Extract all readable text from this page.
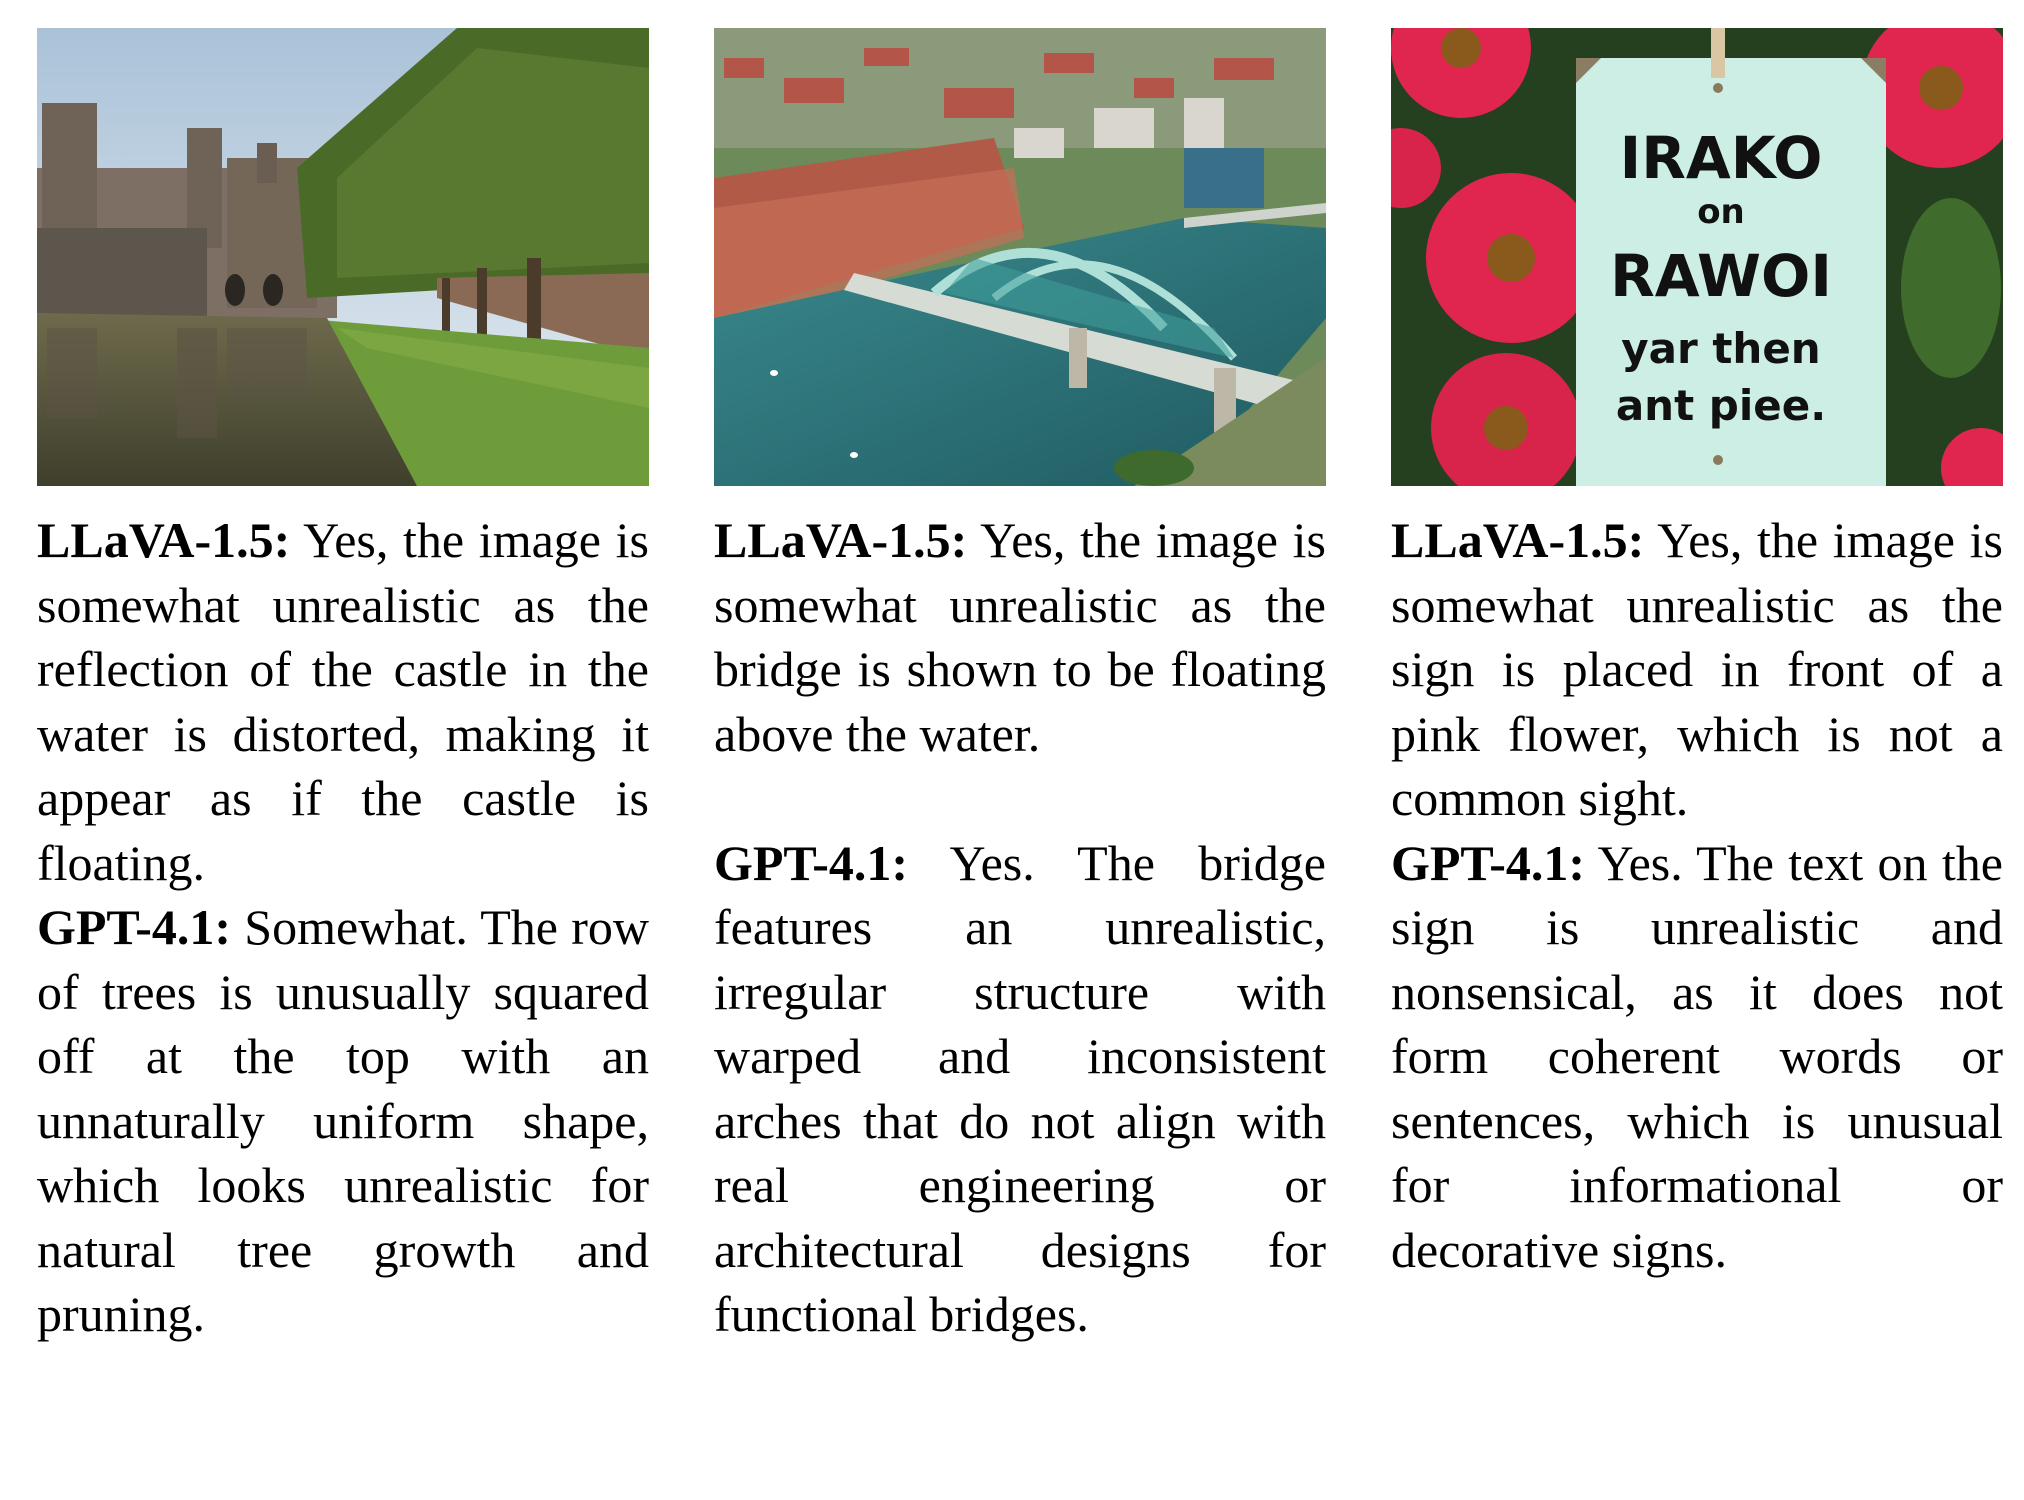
LLaVA-1.5: Yes, the image is somewhat unrealistic as the reflection of the castle in the water is distorted, making it appear as if the castle is floating.

GPT-4.1: Somewhat. The row of trees is unusually squared off at the top with an unnaturally uniform shape, which looks unrealistic for natural tree growth and pruning.

LLaVA-1.5: Yes, the image is somewhat unrealistic as the bridge is shown to be floating above the water.

GPT-4.1: Yes. The bridge features an unrealistic, irregular structure with warped and inconsistent arches that do not align with real engineering or architectural designs for functional bridges.

IRAKO
on
RAWOI
yar then
ant piee.

LLaVA-1.5: Yes, the image is somewhat unrealistic as the sign is placed in front of a pink flower, which is not a common sight.

GPT-4.1: Yes. The text on the sign is unrealistic and nonsensical, as it does not form coherent words or sentences, which is unusual for informational or decorative signs.
